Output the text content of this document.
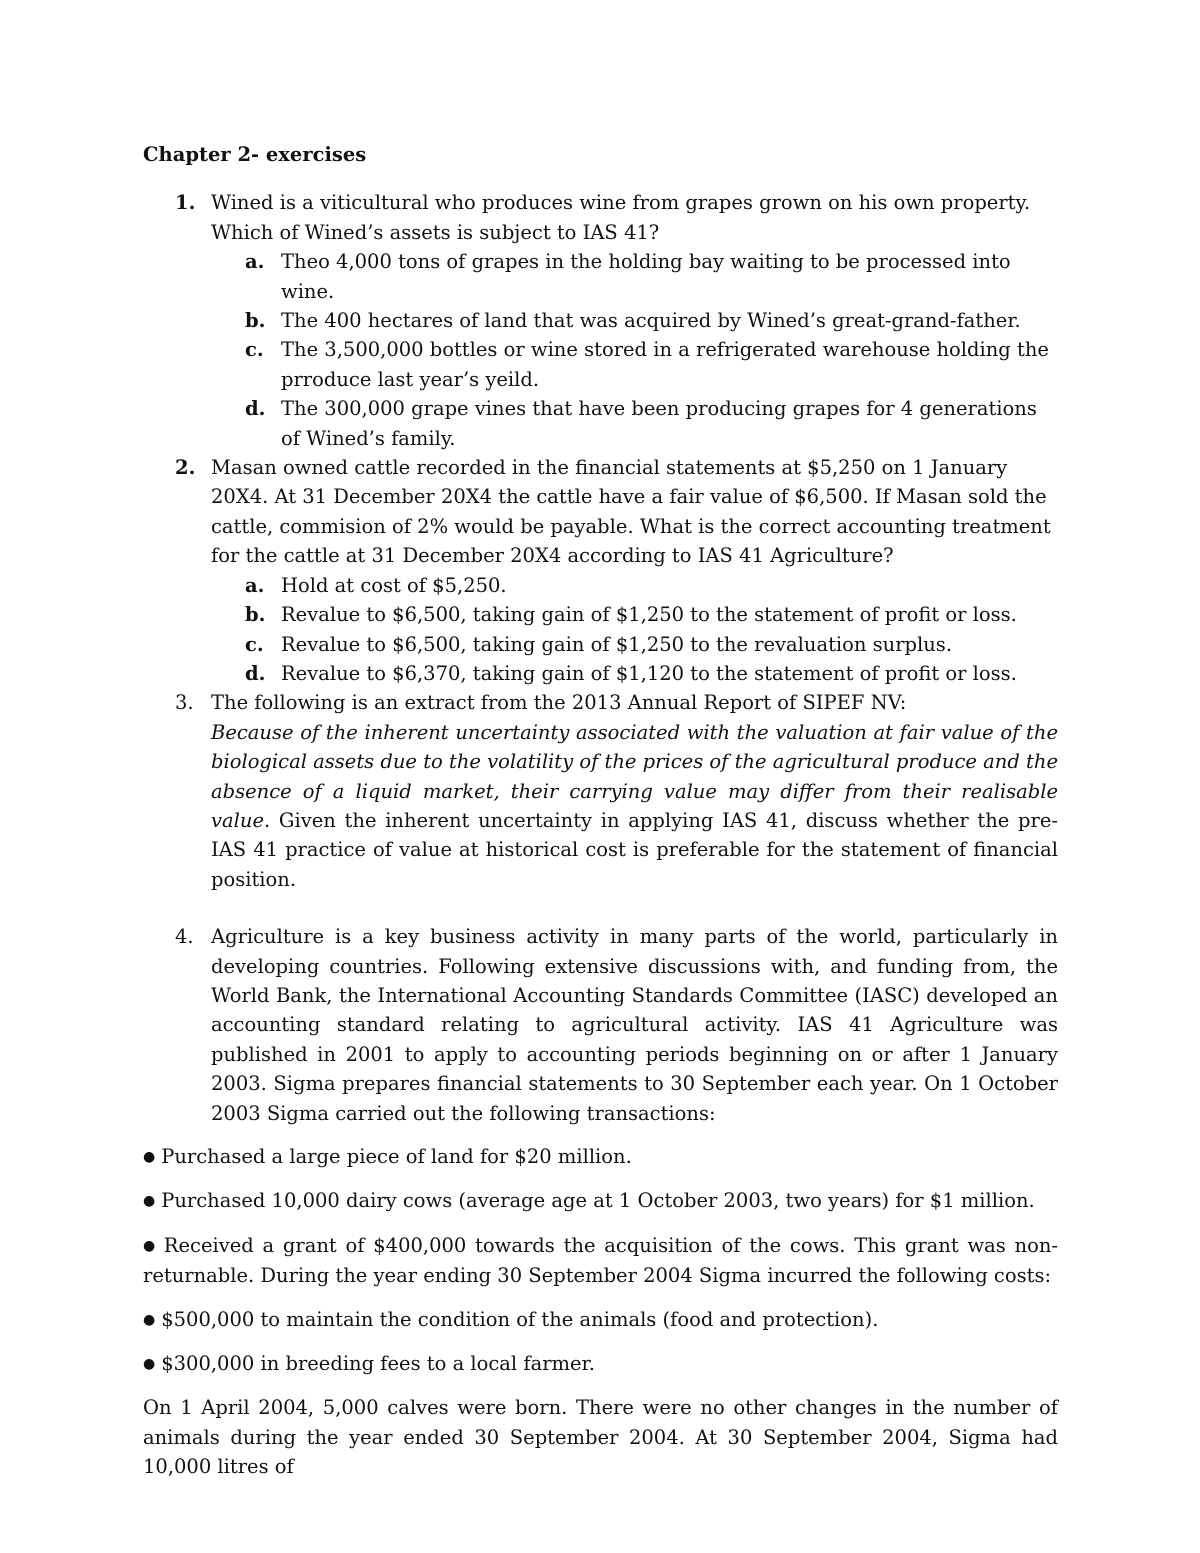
Chapter 2- exercises
1. Wined is a viticultural who produces wine from grapes grown on his own property. Which of Wined’s assets is subject to IAS 41?
a. Theo 4,000 tons of grapes in the holding bay waiting to be processed into wine.
b. The 400 hectares of land that was acquired by Wined’s great-grand-father.
c. The 3,500,000 bottles or wine stored in a refrigerated warehouse holding the prroduce last year’s yeild.
d. The 300,000 grape vines that have been producing grapes for 4 generations of Wined’s family.
2. Masan owned cattle recorded in the financial statements at $5,250 on 1 January 20X4. At 31 December 20X4 the cattle have a fair value of $6,500. If Masan sold the cattle, commision of 2% would be payable. What is the correct accounting treatment for the cattle at 31 December 20X4 according to IAS 41 Agriculture?
a. Hold at cost of $5,250.
b. Revalue to $6,500, taking gain of $1,250 to the statement of profit or loss.
c. Revalue to $6,500, taking gain of $1,250 to the revaluation surplus.
d. Revalue to $6,370, taking gain of $1,120 to the statement of profit or loss.
3. The following is an extract from the 2013 Annual Report of SIPEF NV:
Because of the inherent uncertainty associated with the valuation at fair value of the biological assets due to the volatility of the prices of the agricultural produce and the absence of a liquid market, their carrying value may differ from their realisable value. Given the inherent uncertainty in applying IAS 41, discuss whether the pre-IAS 41 practice of value at historical cost is preferable for the statement of financial position.
4. Agriculture is a key business activity in many parts of the world, particularly in developing countries. Following extensive discussions with, and funding from, the World Bank, the International Accounting Standards Committee (IASC) developed an accounting standard relating to agricultural activity. IAS 41 Agriculture was published in 2001 to apply to accounting periods beginning on or after 1 January 2003. Sigma prepares financial statements to 30 September each year. On 1 October 2003 Sigma carried out the following transactions:

● Purchased a large piece of land for $20 million.

● Purchased 10,000 dairy cows (average age at 1 October 2003, two years) for $1 million.

● Received a grant of $400,000 towards the acquisition of the cows. This grant was non-returnable. During the year ending 30 September 2004 Sigma incurred the following costs:

● $500,000 to maintain the condition of the animals (food and protection).

● $300,000 in breeding fees to a local farmer.

On 1 April 2004, 5,000 calves were born. There were no other changes in the number of animals during the year ended 30 September 2004. At 30 September 2004, Sigma had 10,000 litres of
